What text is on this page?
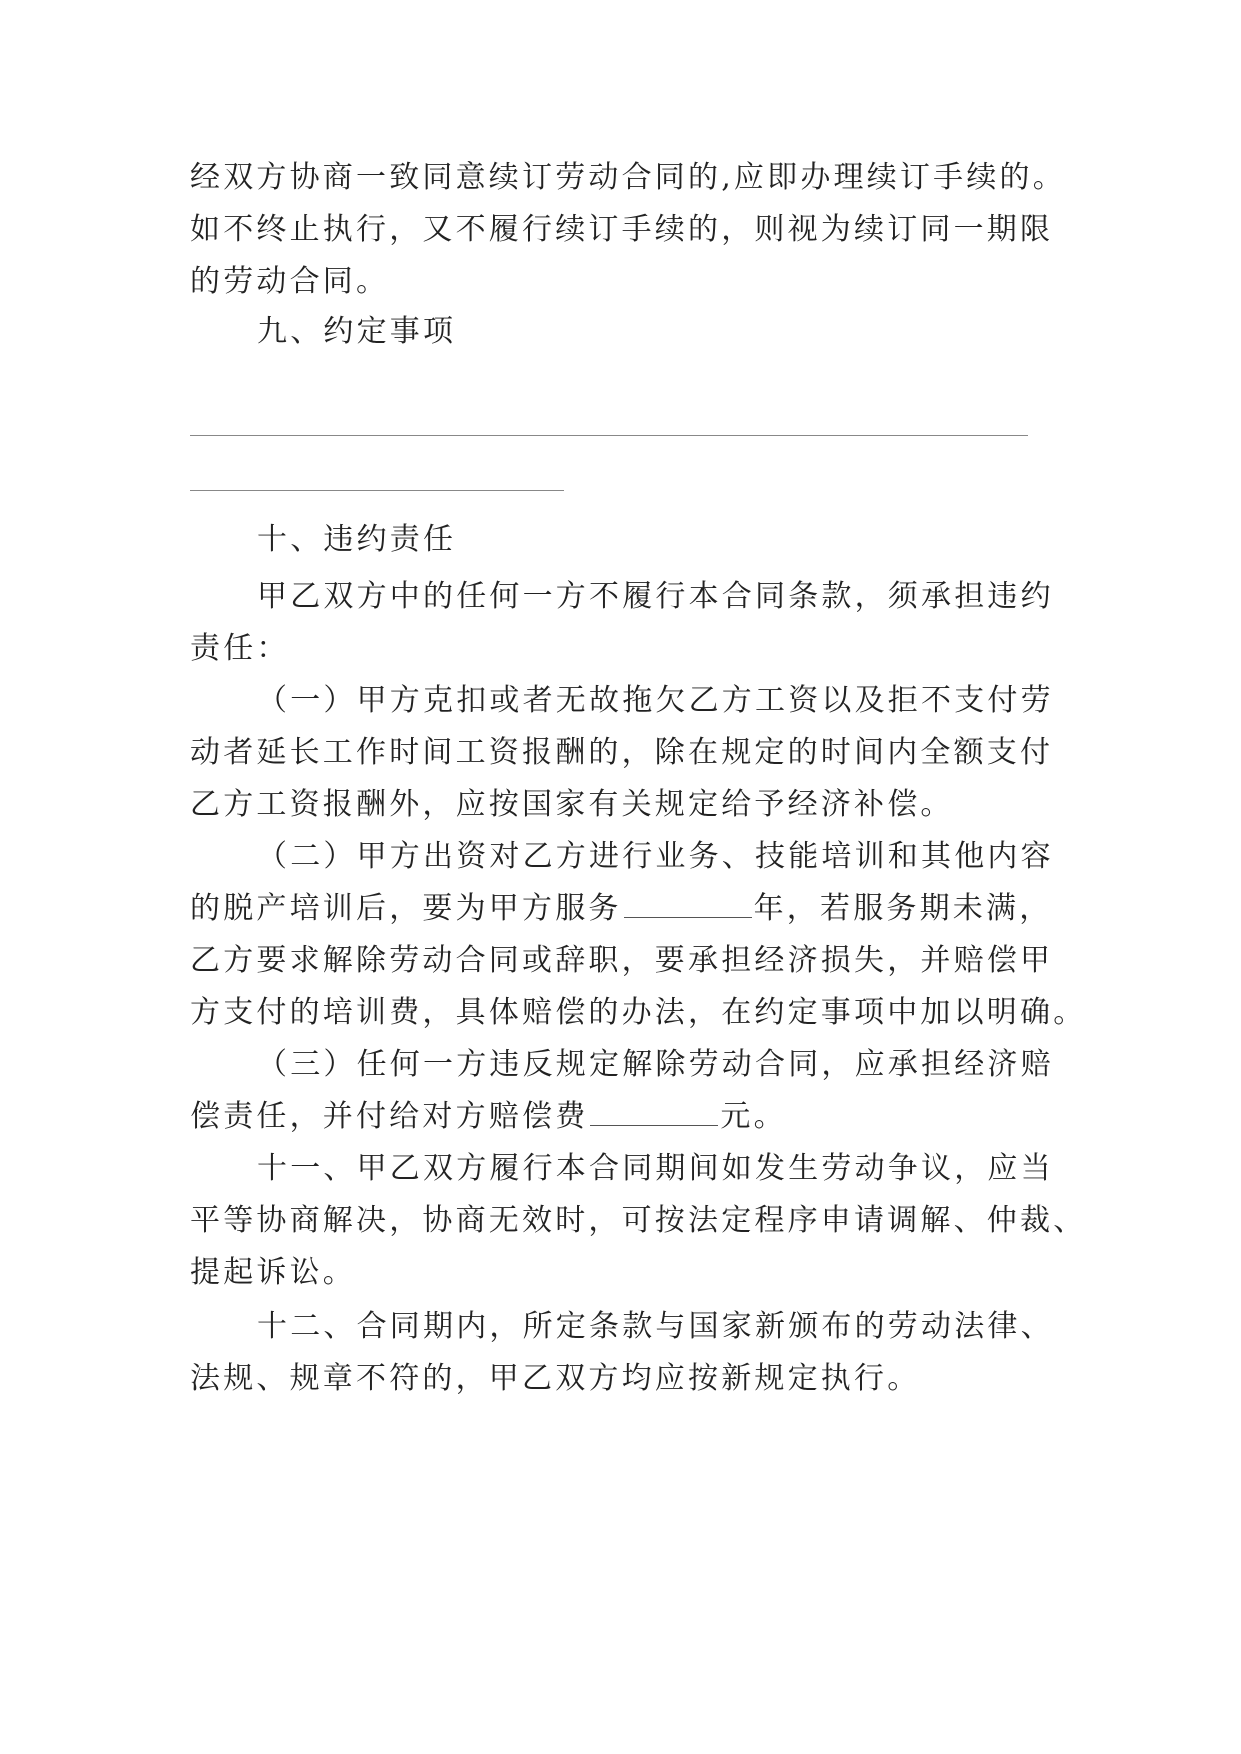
经双方协商一致同意续订劳动合同的,应即办理续订手续的。
如不终止执行，又不履行续订手续的，则视为续订同一期限
的劳动合同。
九、约定事项
十、违约责任
甲乙双方中的任何一方不履行本合同条款，须承担违约
责任：
（一）甲方克扣或者无故拖欠乙方工资以及拒不支付劳
动者延长工作时间工资报酬的，除在规定的时间内全额支付
乙方工资报酬外，应按国家有关规定给予经济补偿。
（二）甲方出资对乙方进行业务、技能培训和其他内容
的脱产培训后，要为甲方服务	年，若服务期未满，
乙方要求解除劳动合同或辞职，要承担经济损失，并赔偿甲
方支付的培训费，具体赔偿的办法，在约定事项中加以明确。
（三）任何一方违反规定解除劳动合同，应承担经济赔
偿责任，并付给对方赔偿费	元。
十一、甲乙双方履行本合同期间如发生劳动争议，应当
平等协商解决，协商无效时，可按法定程序申请调解、仲裁、
提起诉讼。
十二、合同期内，所定条款与国家新颁布的劳动法律、
法规、规章不符的，甲乙双方均应按新规定执行。
